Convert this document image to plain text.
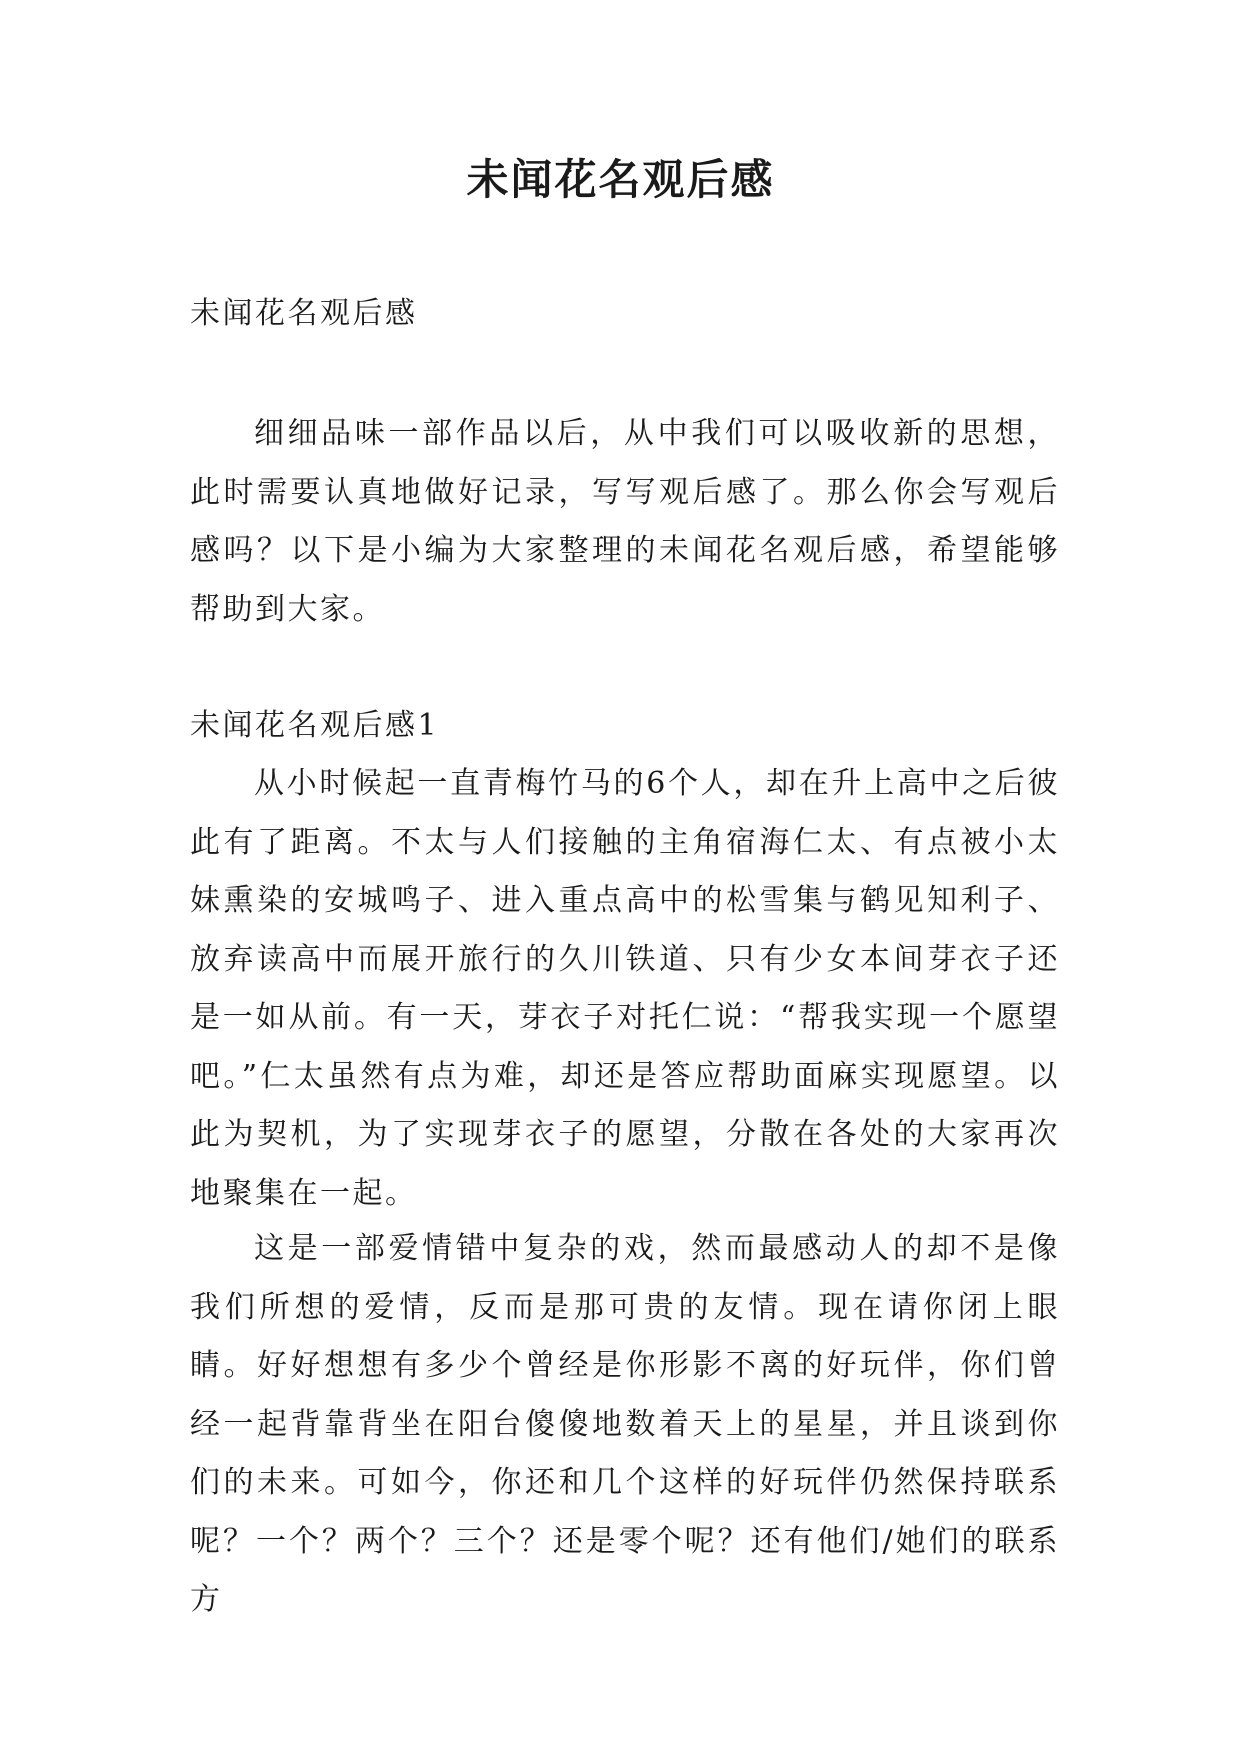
未闻花名观后感

未闻花名观后感

细细品味一部作品以后，从中我们可以吸收新的思想，此时需要认真地做好记录，写写观后感了。那么你会写观后感吗？以下是小编为大家整理的未闻花名观后感，希望能够帮助到大家。

未闻花名观后感1

从小时候起一直青梅竹马的6个人，却在升上高中之后彼此有了距离。不太与人们接触的主角宿海仁太、有点被小太妹熏染的安城鸣子、进入重点高中的松雪集与鹤见知利子、放弃读高中而展开旅行的久川铁道、只有少女本间芽衣子还是一如从前。有一天，芽衣子对托仁说：“帮我实现一个愿望吧。”仁太虽然有点为难，却还是答应帮助面麻实现愿望。以此为契机，为了实现芽衣子的愿望，分散在各处的大家再次地聚集在一起。

这是一部爱情错中复杂的戏，然而最感动人的却不是像我们所想的爱情，反而是那可贵的友情。现在请你闭上眼睛。好好想想有多少个曾经是你形影不离的好玩伴，你们曾经一起背靠背坐在阳台傻傻地数着天上的星星，并且谈到你们的未来。可如今，你还和几个这样的好玩伴仍然保持联系呢？一个？两个？三个？还是零个呢？还有他们/她们的联系方
